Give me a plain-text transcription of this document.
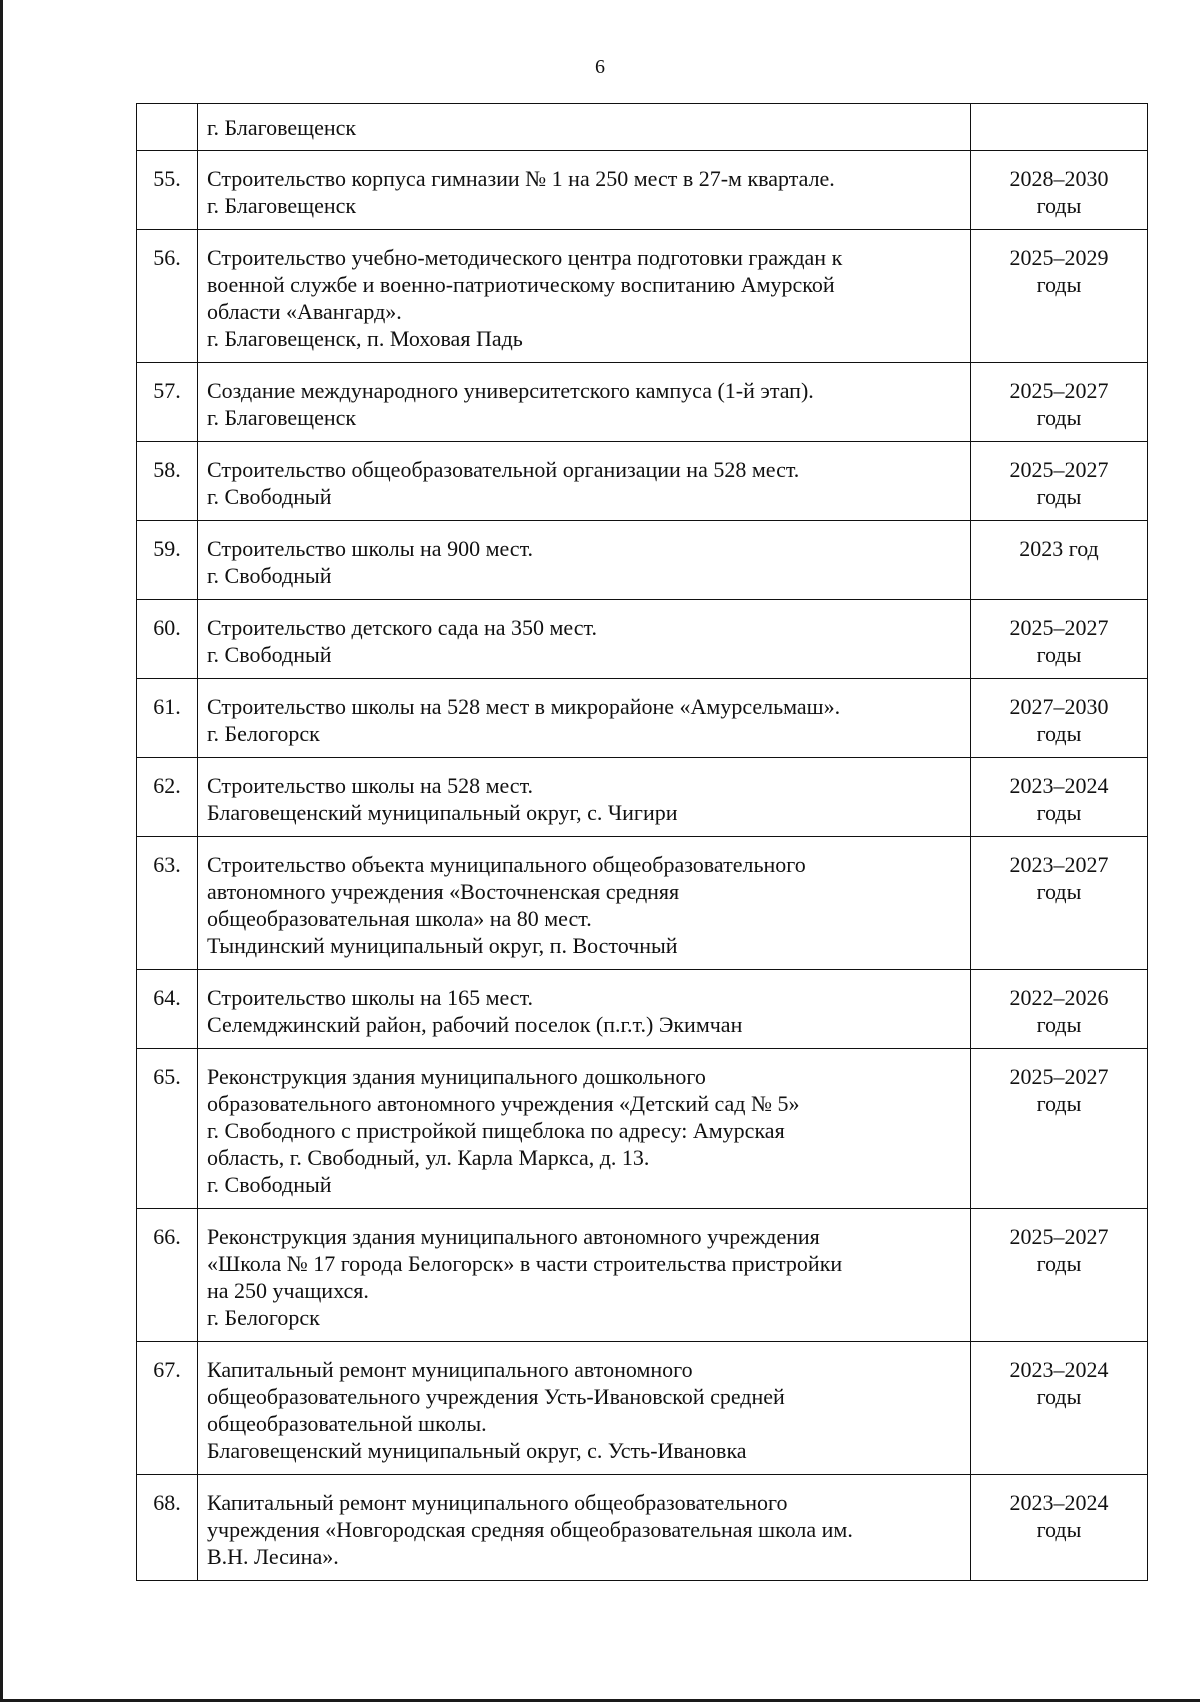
6

	г. Благовещенск	

55.	Строительство корпуса гимназии № 1 на 250 мест в 27-м квартале.
г. Благовещенск	2028–2030
годы

56.	Строительство учебно-методического центра подготовки граждан к
военной службе и военно-патриотическому воспитанию Амурской
области «Авангард».
г. Благовещенск, п. Моховая Падь	2025–2029
годы

57.	Создание международного университетского кампуса (1-й этап).
г. Благовещенск	2025–2027
годы

58.	Строительство общеобразовательной организации на 528 мест.
г. Свободный	2025–2027
годы

59.	Строительство школы на 900 мест.
г. Свободный	2023 год

60.	Строительство детского сада на 350 мест.
г. Свободный	2025–2027
годы

61.	Строительство школы на 528 мест в микрорайоне «Амурсельмаш».
г. Белогорск	2027–2030
годы

62.	Строительство школы на 528 мест.
Благовещенский муниципальный округ, с. Чигири	2023–2024
годы

63.	Строительство объекта муниципального общеобразовательного
автономного учреждения «Восточненская средняя
общеобразовательная школа» на 80 мест.
Тындинский муниципальный округ, п. Восточный	2023–2027
годы

64.	Строительство школы на 165 мест.
Селемджинский район, рабочий поселок (п.г.т.) Экимчан	2022–2026
годы

65.	Реконструкция здания муниципального дошкольного
образовательного автономного учреждения «Детский сад № 5»
г. Свободного с пристройкой пищеблока по адресу: Амурская
область, г. Свободный, ул. Карла Маркса, д. 13.
г. Свободный	2025–2027
годы

66.	Реконструкция здания муниципального автономного учреждения
«Школа № 17 города Белогорск» в части строительства пристройки
на 250 учащихся.
г. Белогорск	2025–2027
годы

67.	Капитальный ремонт муниципального автономного
общеобразовательного учреждения Усть-Ивановской средней
общеобразовательной школы.
Благовещенский муниципальный округ, с. Усть-Ивановка	2023–2024
годы

68.	Капитальный ремонт муниципального общеобразовательного
учреждения «Новгородская средняя общеобразовательная школа им.
В.Н. Лесина».	2023–2024
годы
